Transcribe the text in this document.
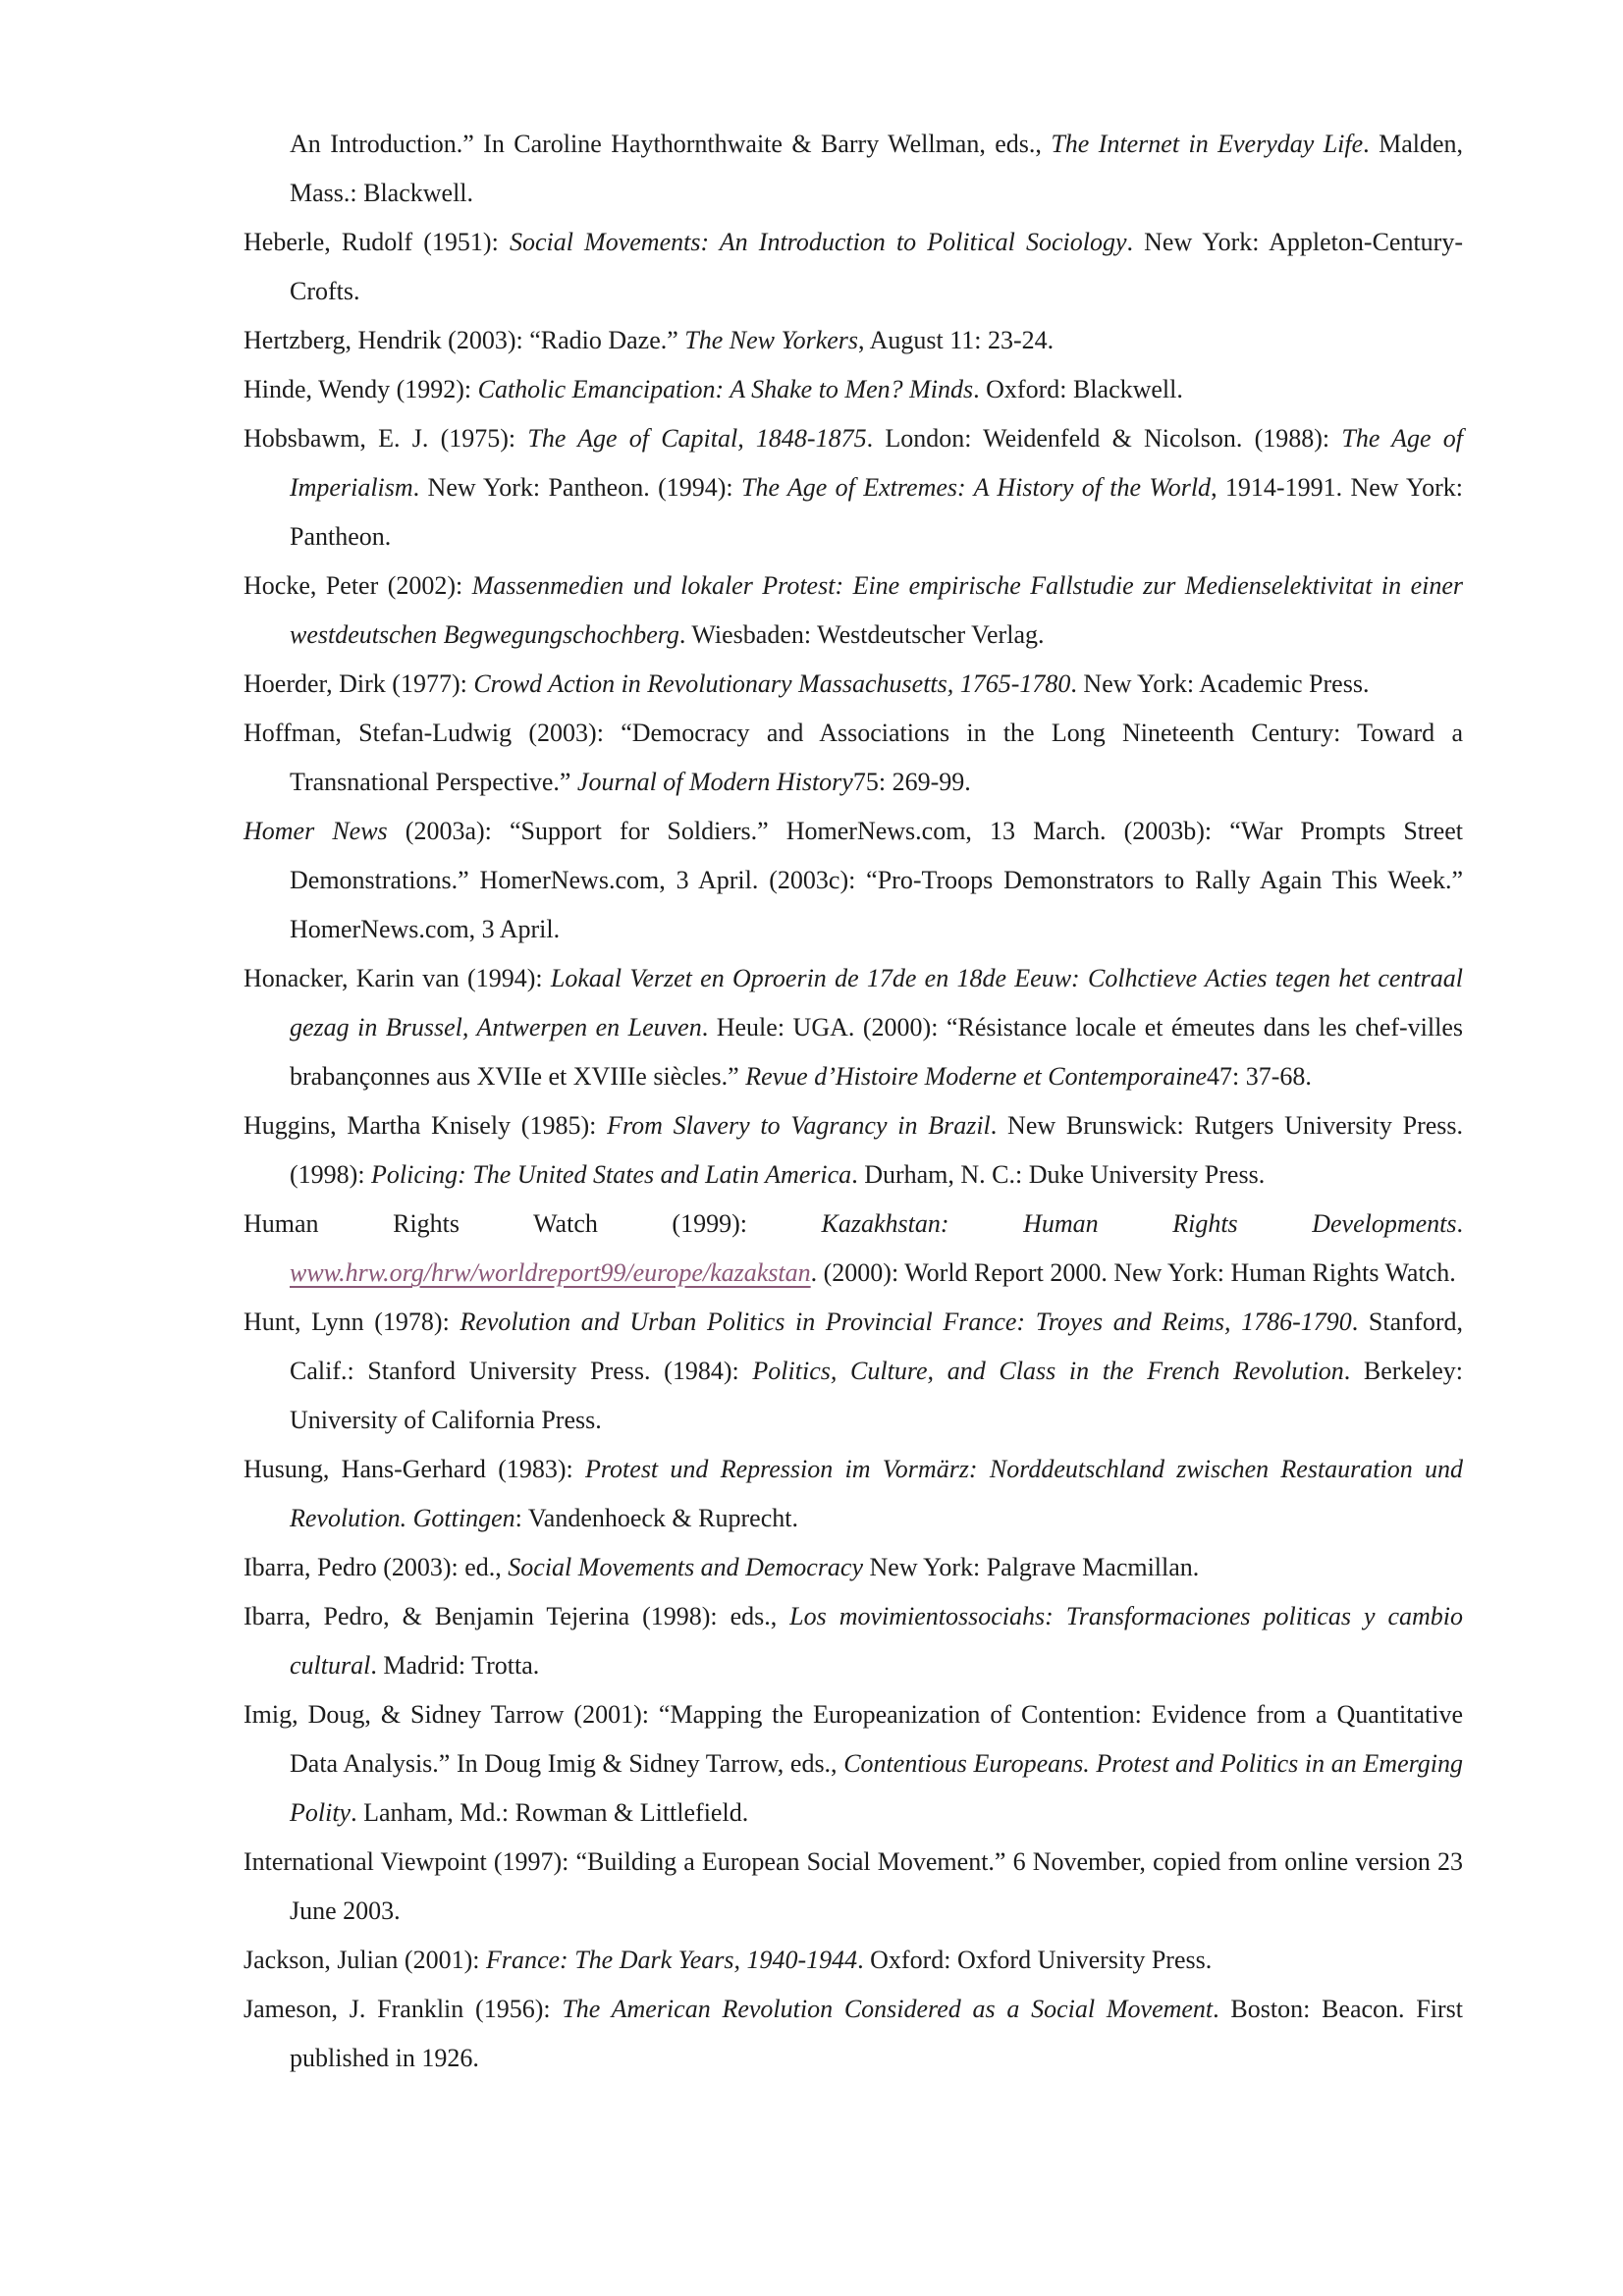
An Introduction.” In Caroline Haythornthwaite & Barry Wellman, eds., The Internet in Everyday Life. Malden, Mass.: Blackwell.

Heberle, Rudolf (1951): Social Movements: An Introduction to Political Sociology. New York: Appleton-Century-Crofts.

Hertzberg, Hendrik (2003): “Radio Daze.” The New Yorkers, August 11: 23-24.

Hinde, Wendy (1992): Catholic Emancipation: A Shake to Men? Minds. Oxford: Blackwell.

Hobsbawm, E. J. (1975): The Age of Capital, 1848-1875. London: Weidenfeld & Nicolson. (1988): The Age of Imperialism. New York: Pantheon. (1994): The Age of Extremes: A History of the World, 1914-1991. New York: Pantheon.

Hocke, Peter (2002): Massenmedien und lokaler Protest: Eine empirische Fallstudie zur Medienselektivitat in einer westdeutschen Begwegungschochberg. Wiesbaden: Westdeutscher Verlag.

Hoerder, Dirk (1977): Crowd Action in Revolutionary Massachusetts, 1765-1780. New York: Academic Press.

Hoffman, Stefan-Ludwig (2003): “Democracy and Associations in the Long Nineteenth Century: Toward a Transnational Perspective.” Journal of Modern History75: 269-99.

Homer News (2003a): “Support for Soldiers.” HomerNews.com, 13 March. (2003b): “War Prompts Street Demonstrations.” HomerNews.com, 3 April. (2003c): “Pro-Troops Demonstrators to Rally Again This Week.” HomerNews.com, 3 April.

Honacker, Karin van (1994): Lokaal Verzet en Oproerin de 17de en 18de Eeuw: Colhctieve Acties tegen het centraal gezag in Brussel, Antwerpen en Leuven. Heule: UGA. (2000): “Résistance locale et émeutes dans les chef-villes brabançonnes aus XVIIe et XVIIIe siècles.” Revue d’Histoire Moderne et Contemporaine47: 37-68.

Huggins, Martha Knisely (1985): From Slavery to Vagrancy in Brazil. New Brunswick: Rutgers University Press. (1998): Policing: The United States and Latin America. Durham, N. C.: Duke University Press.

Human Rights Watch (1999): Kazakhstan: Human Rights Developments. www.hrw.org/hrw/worldreport99/europe/kazakstan. (2000): World Report 2000. New York: Human Rights Watch.

Hunt, Lynn (1978): Revolution and Urban Politics in Provincial France: Troyes and Reims, 1786-1790. Stanford, Calif.: Stanford University Press. (1984): Politics, Culture, and Class in the French Revolution. Berkeley: University of California Press.

Husung, Hans-Gerhard (1983): Protest und Repression im Vormärz: Norddeutschland zwischen Restauration und Revolution. Gottingen: Vandenhoeck & Ruprecht.

Ibarra, Pedro (2003): ed., Social Movements and Democracy New York: Palgrave Macmillan.

Ibarra, Pedro, & Benjamin Tejerina (1998): eds., Los movimientossociahs: Transformaciones politicas y cambio cultural. Madrid: Trotta.

Imig, Doug, & Sidney Tarrow (2001): “Mapping the Europeanization of Contention: Evidence from a Quantitative Data Analysis.” In Doug Imig & Sidney Tarrow, eds., Contentious Europeans. Protest and Politics in an Emerging Polity. Lanham, Md.: Rowman & Littlefield.

International Viewpoint (1997): “Building a European Social Movement.” 6 November, copied from online version 23 June 2003.

Jackson, Julian (2001): France: The Dark Years, 1940-1944. Oxford: Oxford University Press.

Jameson, J. Franklin (1956): The American Revolution Considered as a Social Movement. Boston: Beacon. First published in 1926.
